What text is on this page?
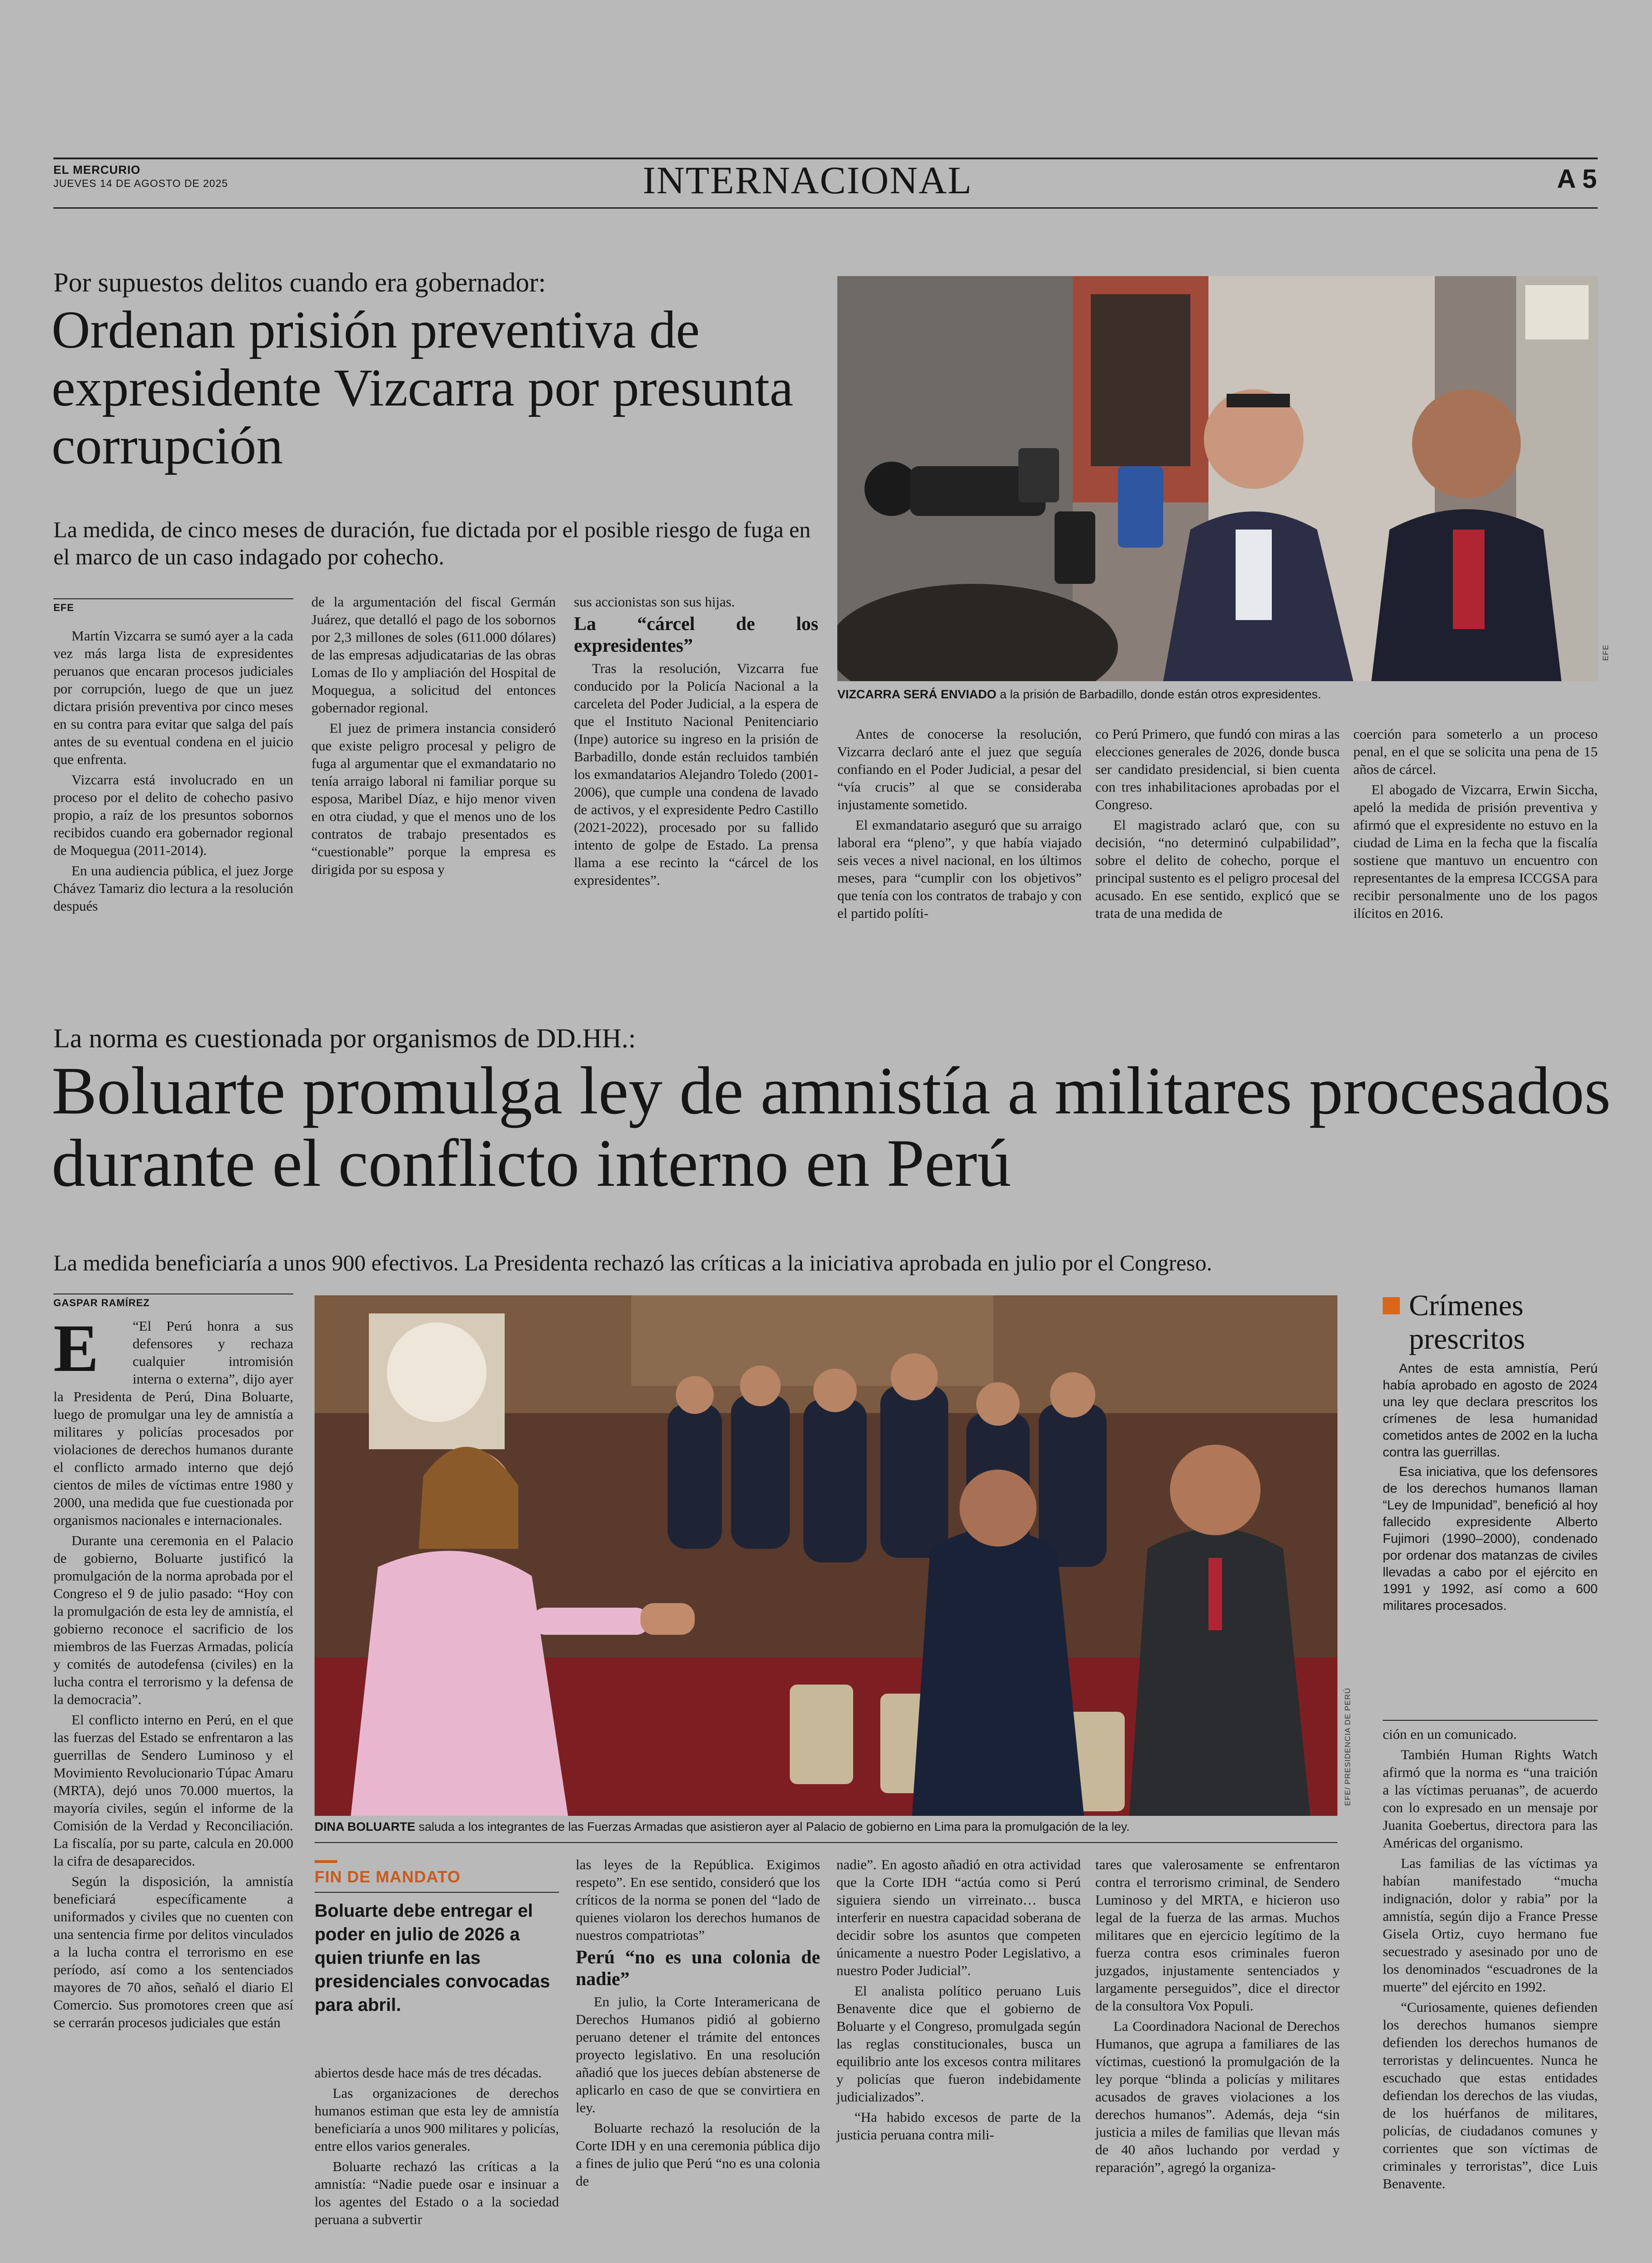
EL MERCURIO
JUEVES 14 DE AGOSTO DE 2025	INTERNACIONAL	A 5
Por supuestos delitos cuando era gobernador:
Ordenan prisión preventiva de expresidente Vizcarra por presunta corrupción
La medida, de cinco meses de duración, fue dictada por el posible riesgo de fuga en el marco de un caso indagado por cohecho.
EFE
EFE
VIZCARRA SERÁ ENVIADO a la prisión de Barbadillo, donde están otros expresidentes.

Martín Vizcarra se sumó ayer a la cada vez más larga lista de expresidentes peruanos que encaran procesos judiciales por corrupción, luego de que un juez dictara prisión preventiva por cinco meses en su contra para evitar que salga del país antes de su eventual condena en el juicio que enfrenta.

Vizcarra está involucrado en un proceso por el delito de cohecho pasivo propio, a raíz de los presuntos sobornos recibidos cuando era gobernador regional de Moquegua (2011-2014).

En una audiencia pública, el juez Jorge Chávez Tamariz dio lectura a la resolución después

de la argumentación del fiscal Germán Juárez, que detalló el pago de los sobornos por 2,3 millones de soles (611.000 dólares) de las empresas adjudicatarias de las obras Lomas de Ilo y ampliación del Hospital de Moquegua, a solicitud del entonces gobernador regional.

El juez de primera instancia consideró que existe peligro procesal y peligro de fuga al argumentar que el exmandatario no tenía arraigo laboral ni familiar porque su esposa, Maribel Díaz, e hijo menor viven en otra ciudad, y que el menos uno de los contratos de trabajo presentados es “cuestionable” porque la empresa es dirigida por su esposa y

sus accionistas son sus hijas.

La “cárcel de los expresidentes”

Tras la resolución, Vizcarra fue conducido por la Policía Nacional a la carceleta del Poder Judicial, a la espera de que el Instituto Nacional Penitenciario (Inpe) autorice su ingreso en la prisión de Barbadillo, donde están recluidos también los exmandatarios Alejandro Toledo (2001-2006), que cumple una condena de lavado de activos, y el expresidente Pedro Castillo (2021-2022), procesado por su fallido intento de golpe de Estado. La prensa llama a ese recinto la “cárcel de los expresidentes”.

Antes de conocerse la resolución, Vizcarra declaró ante el juez que seguía confiando en el Poder Judicial, a pesar del “vía crucis” al que se consideraba injustamente sometido.

El exmandatario aseguró que su arraigo laboral era “pleno”, y que había viajado seis veces a nivel nacional, en los últimos meses, para “cumplir con los objetivos” que tenía con los contratos de trabajo y con el partido políti-

co Perú Primero, que fundó con miras a las elecciones generales de 2026, donde busca ser candidato presidencial, si bien cuenta con tres inhabilitaciones aprobadas por el Congreso.

El magistrado aclaró que, con su decisión, “no determinó culpabilidad”, sobre el delito de cohecho, porque el principal sustento es el peligro procesal del acusado. En ese sentido, explicó que se trata de una medida de

coerción para someterlo a un proceso penal, en el que se solicita una pena de 15 años de cárcel.

El abogado de Vizcarra, Erwin Siccha, apeló la medida de prisión preventiva y afirmó que el expresidente no estuvo en la ciudad de Lima en la fecha que la fiscalía sostiene que mantuvo un encuentro con representantes de la empresa ICCGSA para recibir personalmente uno de los pagos ilícitos en 2016.

La norma es cuestionada por organismos de DD.HH.:
Boluarte promulga ley de amnistía a militares procesados durante el conflicto interno en Perú
La medida beneficiaría a unos 900 efectivos. La Presidenta rechazó las críticas a la iniciativa aprobada en julio por el Congreso.
GASPAR RAMÍREZ
EFE/ PRESIDENCIA DE PERÚ
DINA BOLUARTE saluda a los integrantes de las Fuerzas Armadas que asistieron ayer al Palacio de gobierno en Lima para la promulgación de la ley.
E	“El Perú honra a sus defensores y rechaza cualquier intromisión interna o externa”, dijo ayer la Presidenta de Perú, Dina Boluarte, luego de promulgar una ley de amnistía a militares y policías procesados por violaciones de derechos humanos durante el conflicto armado interno que dejó cientos de miles de víctimas entre 1980 y 2000, una medida que fue cuestionada por organismos nacionales e internacionales.

Durante una ceremonia en el Palacio de gobierno, Boluarte justificó la promulgación de la norma aprobada por el Congreso el 9 de julio pasado: “Hoy con la promulgación de esta ley de amnistía, el gobierno reconoce el sacrificio de los miembros de las Fuerzas Armadas, policía y comités de autodefensa (civiles) en la lucha contra el terrorismo y la defensa de la democracia”.

El conflicto interno en Perú, en el que las fuerzas del Estado se enfrentaron a las guerrillas de Sendero Luminoso y el Movimiento Revolucionario Túpac Amaru (MRTA), dejó unos 70.000 muertos, la mayoría civiles, según el informe de la Comisión de la Verdad y Reconciliación. La fiscalía, por su parte, calcula en 20.000 la cifra de desaparecidos.

Según la disposición, la amnistía beneficiará específicamente a uniformados y civiles que no cuenten con una sentencia firme por delitos vinculados a la lucha contra el terrorismo en ese período, así como a los sentenciados mayores de 70 años, señaló el diario El Comercio. Sus promotores creen que así se cerrarán procesos judiciales que están

FIN DE MANDATO
Boluarte debe entregar el poder en julio de 2026 a quien triunfe en las presidenciales convocadas para abril.

abiertos desde hace más de tres décadas.

Las organizaciones de derechos humanos estiman que esta ley de amnistía beneficiaría a unos 900 militares y policías, entre ellos varios generales.

Boluarte rechazó las críticas a la amnistía: “Nadie puede osar e insinuar a los agentes del Estado o a la sociedad peruana a subvertir

las leyes de la República. Exigimos respeto”. En ese sentido, consideró que los críticos de la norma se ponen del “lado de quienes violaron los derechos humanos de nuestros compatriotas”

Perú “no es una colonia de nadie”

En julio, la Corte Interamericana de Derechos Humanos pidió al gobierno peruano detener el trámite del entonces proyecto legislativo. En una resolución añadió que los jueces debían abstenerse de aplicarlo en caso de que se convirtiera en ley.

Boluarte rechazó la resolución de la Corte IDH y en una ceremonia pública dijo a fines de julio que Perú “no es una colonia de

nadie”. En agosto añadió en otra actividad que la Corte IDH “actúa como si Perú siguiera siendo un virreinato… busca interferir en nuestra capacidad soberana de decidir sobre los asuntos que competen únicamente a nuestro Poder Legislativo, a nuestro Poder Judicial”.

El analista político peruano Luis Benavente dice que el gobierno de Boluarte y el Congreso, promulgada según las reglas constitucionales, busca un equilibrio ante los excesos contra militares y policías que fueron indebidamente judicializados”.

“Ha habido excesos de parte de la justicia peruana contra mili-

tares que valerosamente se enfrentaron contra el terrorismo criminal, de Sendero Luminoso y del MRTA, e hicieron uso legal de la fuerza de las armas. Muchos militares que en ejercicio legítimo de la fuerza contra esos criminales fueron juzgados, injustamente sentenciados y largamente perseguidos”, dice el director de la consultora Vox Populi.

La Coordinadora Nacional de Derechos Humanos, que agrupa a familiares de las víctimas, cuestionó la promulgación de la ley porque “blinda a policías y militares acusados de graves violaciones a los derechos humanos”. Además, deja “sin justicia a miles de familias que llevan más de 40 años luchando por verdad y reparación”, agregó la organiza-

Crímenes prescritos

Antes de esta amnistía, Perú había aprobado en agosto de 2024 una ley que declara prescritos los crímenes de lesa humanidad cometidos antes de 2002 en la lucha contra las guerrillas.

Esa iniciativa, que los defensores de los derechos humanos llaman “Ley de Impunidad”, benefició al hoy fallecido expresidente Alberto Fujimori (1990–2000), condenado por ordenar dos matanzas de civiles llevadas a cabo por el ejército en 1991 y 1992, así como a 600 militares procesados.

ción en un comunicado.

También Human Rights Watch afirmó que la norma es “una traición a las víctimas peruanas”, de acuerdo con lo expresado en un mensaje por Juanita Goebertus, directora para las Américas del organismo.

Las familias de las víctimas ya habían manifestado “mucha indignación, dolor y rabia” por la amnistía, según dijo a France Presse Gisela Ortiz, cuyo hermano fue secuestrado y asesinado por uno de los denominados “escuadrones de la muerte” del ejército en 1992.

“Curiosamente, quienes defienden los derechos humanos siempre defienden los derechos humanos de terroristas y delincuentes. Nunca he escuchado que estas entidades defiendan los derechos de las viudas, de los huérfanos de militares, policías, de ciudadanos comunes y corrientes que son víctimas de criminales y terroristas”, dice Luis Benavente.
